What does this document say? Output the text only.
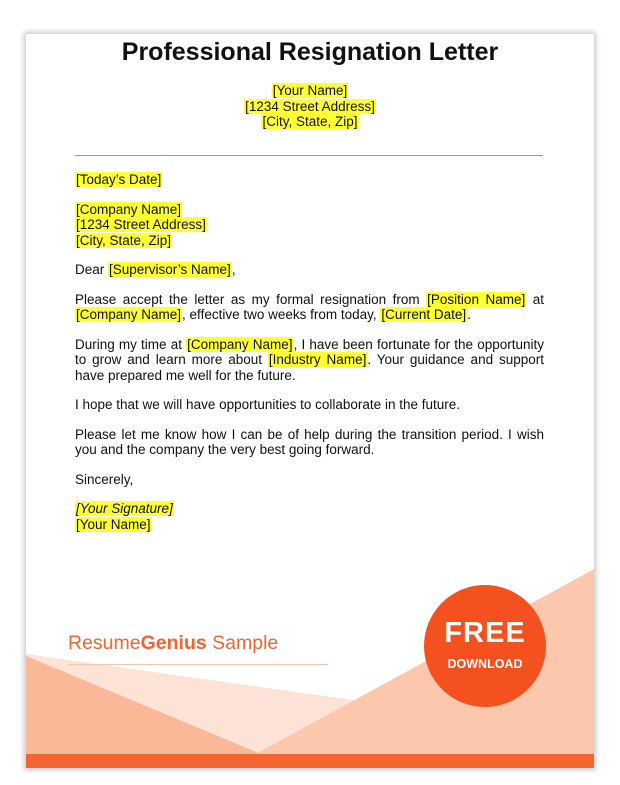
Professional Resignation Letter
[Your Name]
[1234 Street Address]
[City, State, Zip]
[Today’s Date]
[Company Name]
[1234 Street Address]
[City, State, Zip]
Dear [Supervisor’s Name],

Please accept the letter as my formal resignation from [Position Name] at [Company Name], effective two weeks from today, [Current Date].

During my time at [Company Name], I have been fortunate for the opportunity to grow and learn more about [Industry Name]. Your guidance and support have prepared me well for the future.

I hope that we will have opportunities to collaborate in the future.

Please let me know how I can be of help during the transition period. I wish you and the company the very best going forward.

Sincerely,
[Your Signature]
[Your Name]
ResumeGenius Sample	FREE
DOWNLOAD
